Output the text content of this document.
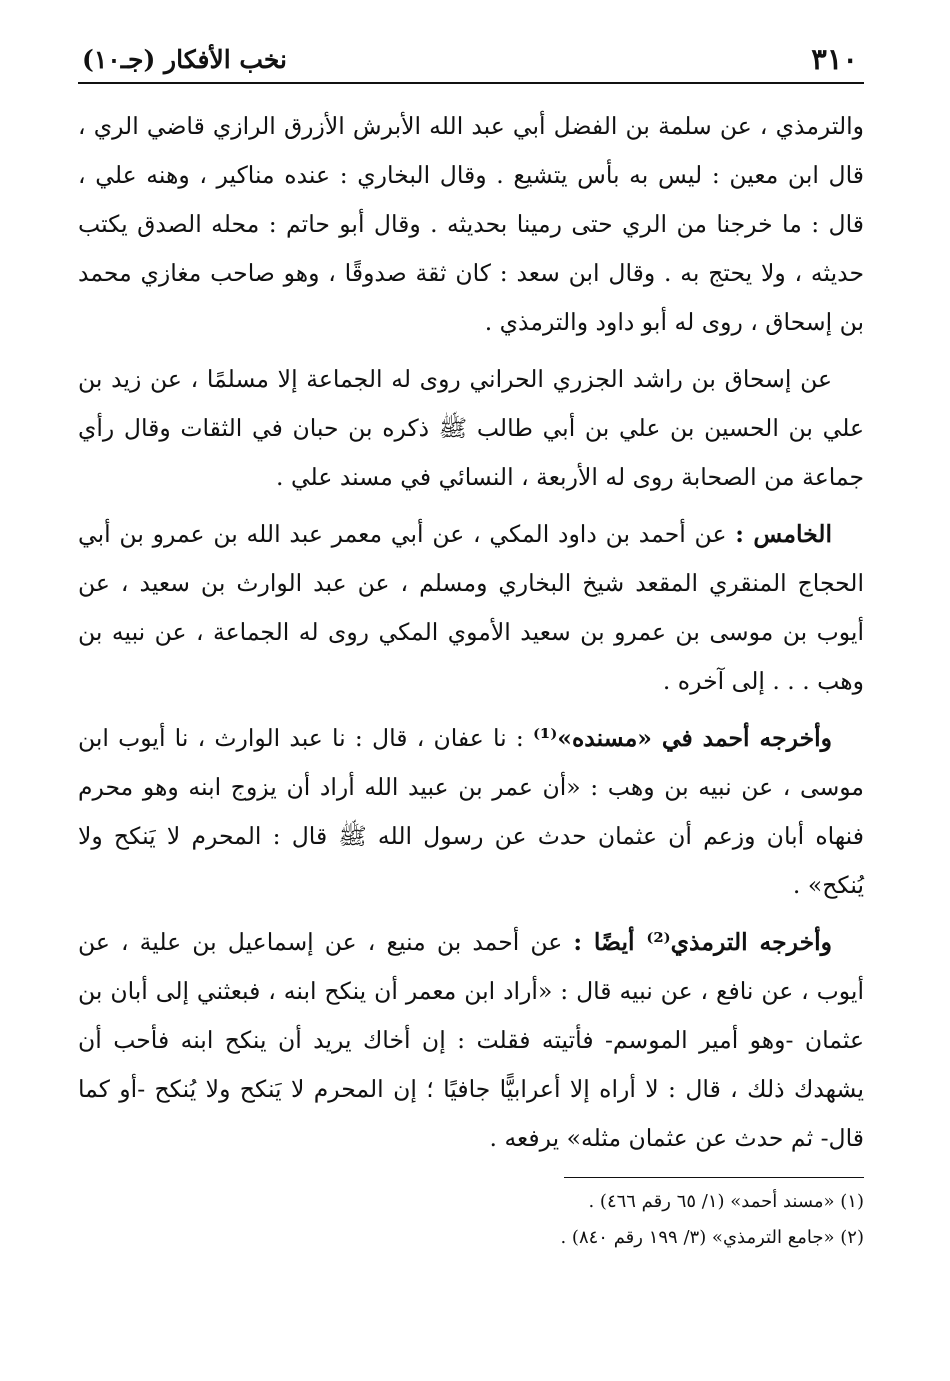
٣١٠
نخب الأفكار (جـ١٠)

والترمذي ، عن سلمة بن الفضل أبي عبد الله الأبرش الأزرق الرازي قاضي الري ، قال ابن معين : ليس به بأس يتشيع . وقال البخاري : عنده مناكير ، وهنه علي ، قال : ما خرجنا من الري حتى رمينا بحديثه . وقال أبو حاتم : محله الصدق يكتب حديثه ، ولا يحتج به . وقال ابن سعد : كان ثقة صدوقًا ، وهو صاحب مغازي محمد بن إسحاق ، روى له أبو داود والترمذي .

عن إسحاق بن راشد الجزري الحراني روى له الجماعة إلا مسلمًا ، عن زيد بن علي بن الحسين بن علي بن أبي طالب ﷺ ذكره بن حبان في الثقات وقال رأي جماعة من الصحابة روى له الأربعة ، النسائي في مسند علي .

الخامس : عن أحمد بن داود المكي ، عن أبي معمر عبد الله بن عمرو بن أبي الحجاج المنقري المقعد شيخ البخاري ومسلم ، عن عبد الوارث بن سعيد ، عن أيوب بن موسى بن عمرو بن سعيد الأموي المكي روى له الجماعة ، عن نبيه بن وهب . . . إلى آخره .

وأخرجه أحمد في «مسنده»⁽¹⁾ : نا عفان ، قال : نا عبد الوارث ، نا أيوب ابن موسى ، عن نبيه بن وهب : «أن عمر بن عبيد الله أراد أن يزوج ابنه وهو محرم فنهاه أبان وزعم أن عثمان حدث عن رسول الله ﷺ قال : المحرم لا يَنكح ولا يُنكح» .

وأخرجه الترمذي⁽²⁾ أيضًا : عن أحمد بن منيع ، عن إسماعيل بن علية ، عن أيوب ، عن نافع ، عن نبيه قال : «أراد ابن معمر أن ينكح ابنه ، فبعثني إلى أبان بن عثمان -وهو أمير الموسم- فأتيته فقلت : إن أخاك يريد أن ينكح ابنه فأحب أن يشهدك ذلك ، قال : لا أراه إلا أعرابيًّا جافيًا ؛ إن المحرم لا يَنكح ولا يُنكح -أو كما قال- ثم حدث عن عثمان مثله» يرفعه .

(١) «مسند أحمد» (١/ ٦٥ رقم ٤٦٦) .

(٢) «جامع الترمذي» (٣/ ١٩٩ رقم ٨٤٠) .
